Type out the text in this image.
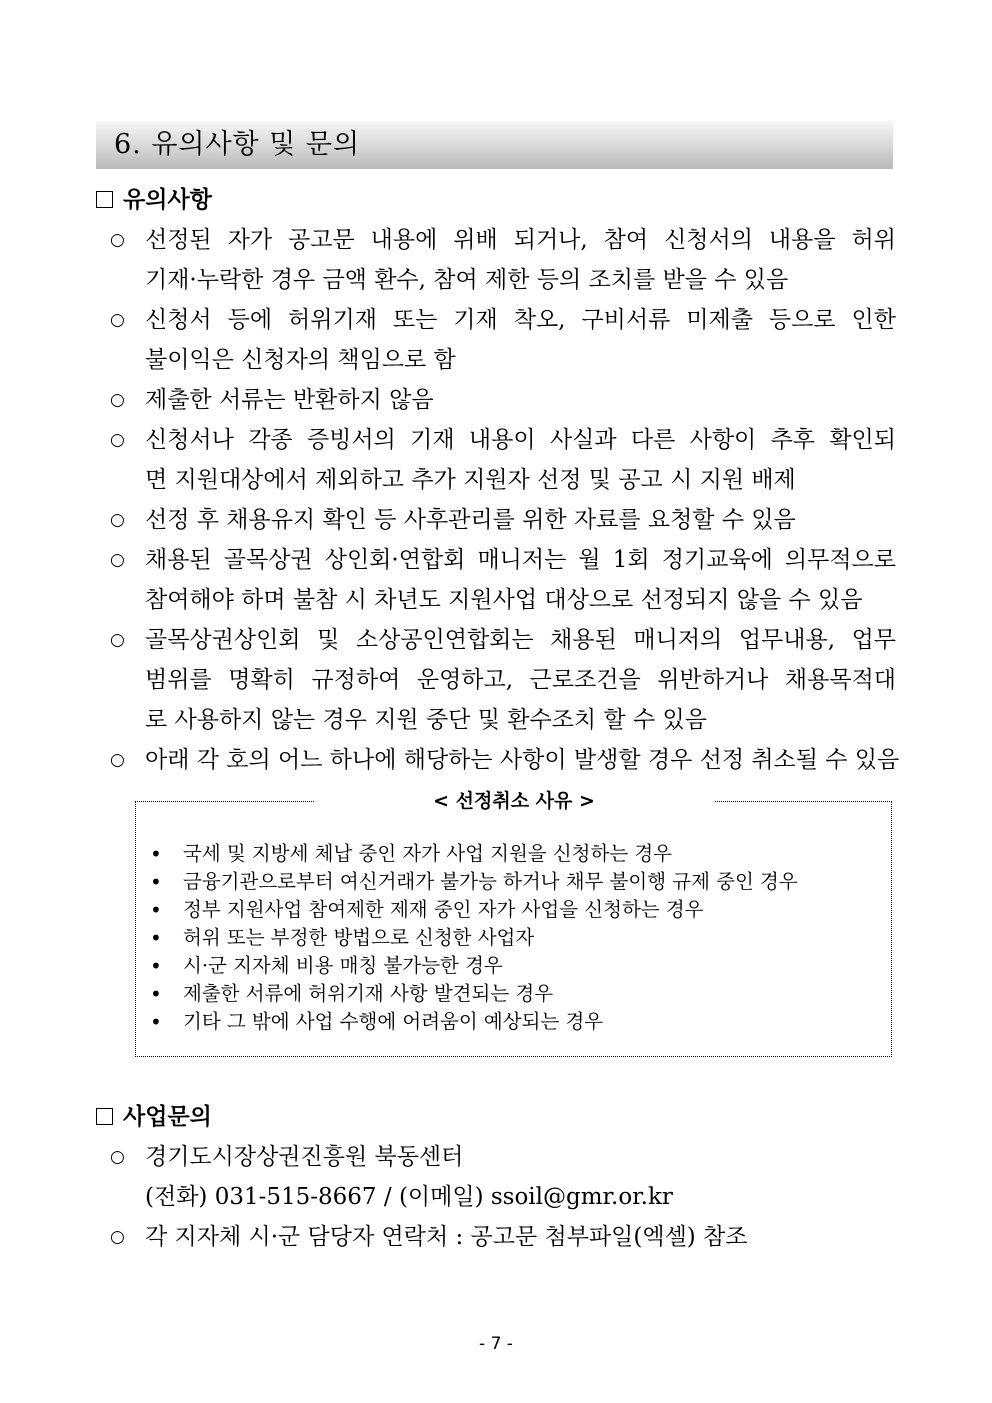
6. 유의사항 및 문의
유의사항
○ 선정된 자가 공고문 내용에 위배 되거나, 참여 신청서의 내용을 허위
기재·누락한 경우 금액 환수, 참여 제한 등의 조치를 받을 수 있음
○ 신청서 등에 허위기재 또는 기재 착오, 구비서류 미제출 등으로 인한
불이익은 신청자의 책임으로 함
○ 제출한 서류는 반환하지 않음
○ 신청서나 각종 증빙서의 기재 내용이 사실과 다른 사항이 추후 확인되
면 지원대상에서 제외하고 추가 지원자 선정 및 공고 시 지원 배제
○ 선정 후 채용유지 확인 등 사후관리를 위한 자료를 요청할 수 있음
○ 채용된 골목상권 상인회·연합회 매니저는 월 1회 정기교육에 의무적으로
참여해야 하며 불참 시 차년도 지원사업 대상으로 선정되지 않을 수 있음
○ 골목상권상인회 및 소상공인연합회는 채용된 매니저의 업무내용, 업무
범위를 명확히 규정하여 운영하고, 근로조건을 위반하거나 채용목적대
로 사용하지 않는 경우 지원 중단 및 환수조치 할 수 있음
○ 아래 각 호의 어느 하나에 해당하는 사항이 발생할 경우 선정 취소될 수 있음
< 선정취소 사유 >
• 국세 및 지방세 체납 중인 자가 사업 지원을 신청하는 경우
• 금융기관으로부터 여신거래가 불가능 하거나 채무 불이행 규제 중인 경우
• 정부 지원사업 참여제한 제재 중인 자가 사업을 신청하는 경우
• 허위 또는 부정한 방법으로 신청한 사업자
• 시·군 지자체 비용 매칭 불가능한 경우
• 제출한 서류에 허위기재 사항 발견되는 경우
• 기타 그 밖에 사업 수행에 어려움이 예상되는 경우
사업문의
○ 경기도시장상권진흥원 북동센터
(전화) 031-515-8667 / (이메일) ssoil@gmr.or.kr
○ 각 지자체 시·군 담당자 연락처 : 공고문 첨부파일(엑셀) 참조
- 7 -
